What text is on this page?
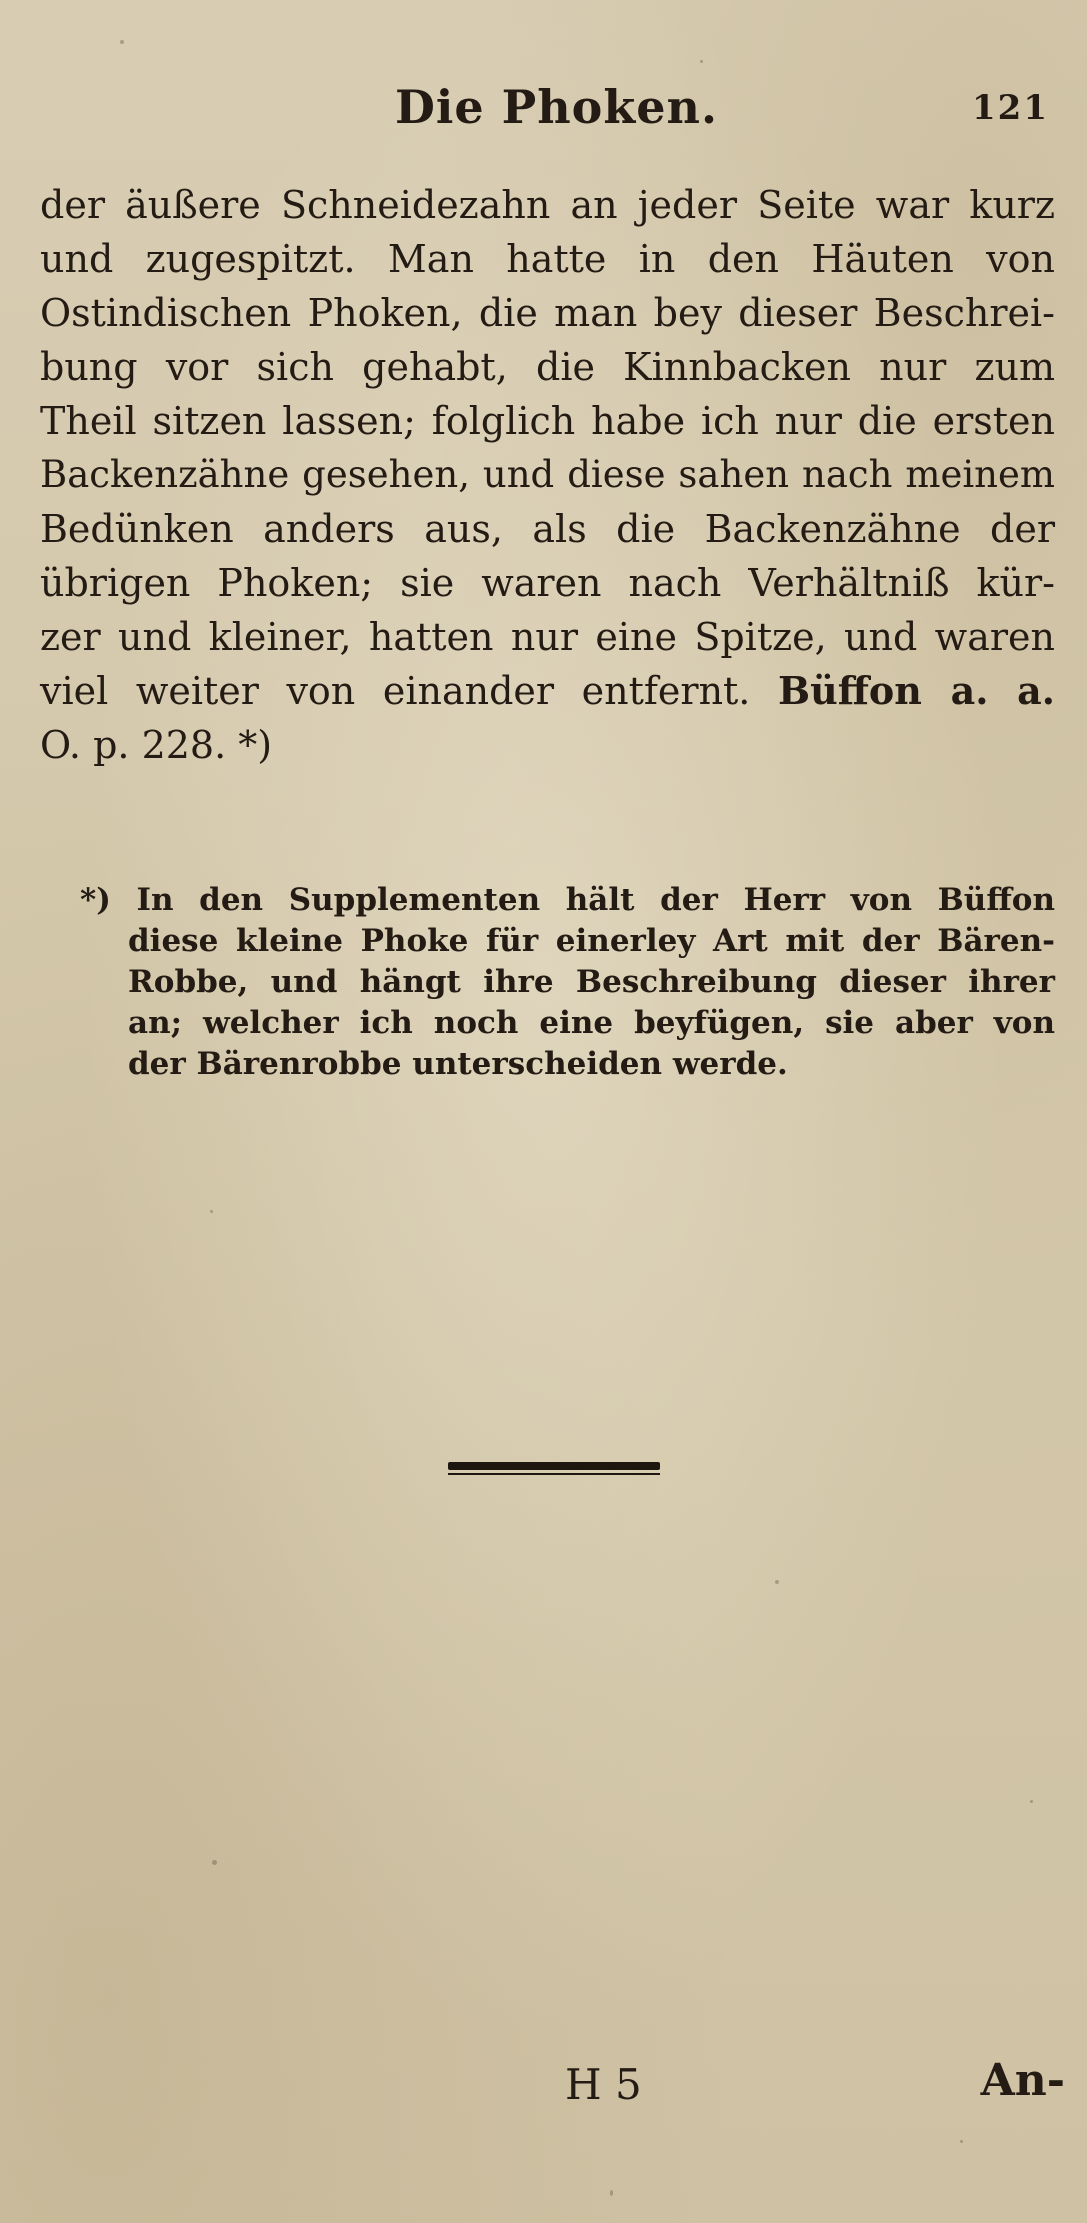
Die Phoken.	121
der äußere Schneidezahn an jeder Seite war kurz
und zugespitzt. Man hatte in den Häuten von
Ostindischen Phoken, die man bey dieser Beschrei-
bung vor sich gehabt, die Kinnbacken nur zum
Theil sitzen lassen; folglich habe ich nur die ersten
Backenzähne gesehen, und diese sahen nach meinem
Bedünken anders aus, als die Backenzähne der
übrigen Phoken; sie waren nach Verhältniß kür-
zer und kleiner, hatten nur eine Spitze, und waren
viel weiter von einander entfernt. Büffon a. a.
O. p. 228. *)
*) In den Supplementen hält der Herr von Büffon
diese kleine Phoke für einerley Art mit der Bären-
Robbe, und hängt ihre Beschreibung dieser ihrer
an; welcher ich noch eine beyfügen, sie aber von
der Bärenrobbe unterscheiden werde.
H 5	An-
